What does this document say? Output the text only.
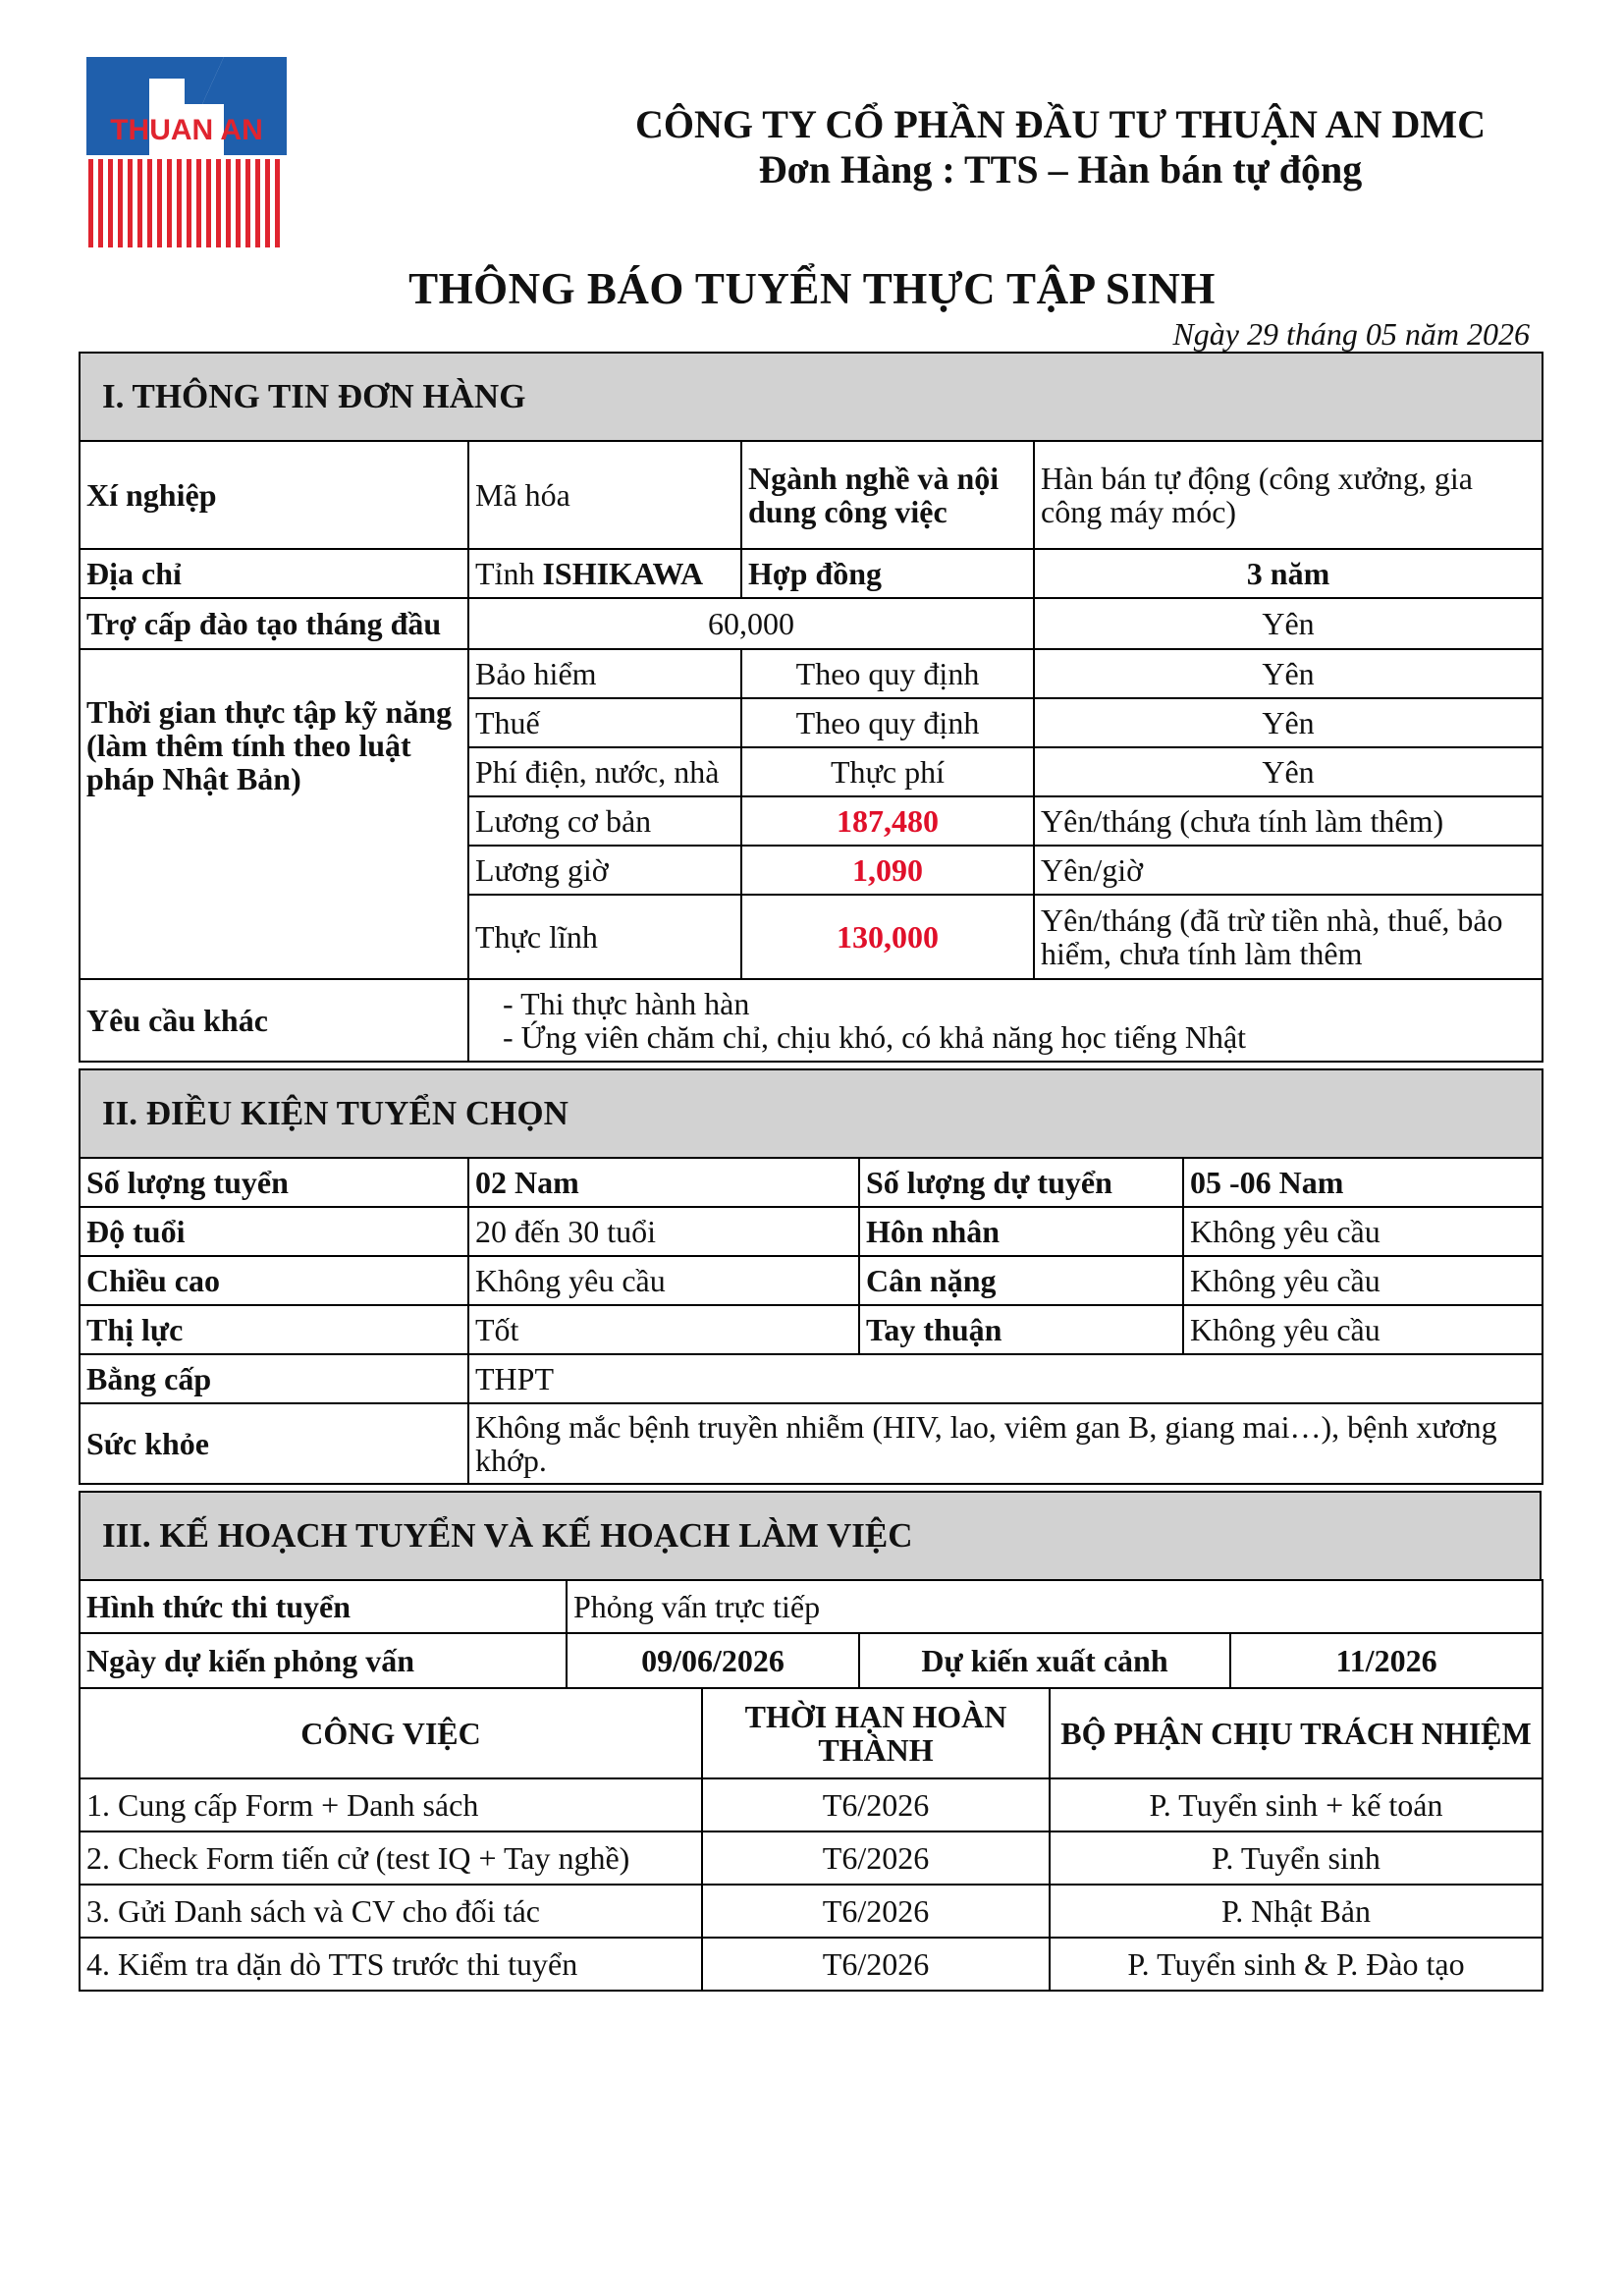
THUAN AN	CÔNG TY CỔ PHẦN ĐẦU TƯ THUẬN AN DMC
Đơn Hàng : TTS – Hàn bán tự động
THÔNG BÁO TUYỂN THỰC TẬP SINH
Ngày 29 tháng 05 năm 2026
I. THÔNG TIN ĐƠN HÀNG			
Xí nghiệp	Mã hóa	Ngành nghề và nội dung công việc	Hàn bán tự động (công xưởng, gia công máy móc)
Địa chỉ	Tỉnh ISHIKAWA	Hợp đồng	3 năm
Trợ cấp đào tạo tháng đầu	60,000		Yên
Thời gian thực tập kỹ năng (làm thêm tính theo luật pháp Nhật Bản)	Bảo hiểm	Theo quy định	Yên
	Thuế	Theo quy định	Yên
	Phí điện, nước, nhà	Thực phí	Yên
	Lương cơ bản	187,480	Yên/tháng (chưa tính làm thêm)
	Lương giờ	1,090	Yên/giờ
	Thực lĩnh	130,000	Yên/tháng (đã trừ tiền nhà, thuế, bảo hiểm, chưa tính làm thêm
Yêu cầu khác	- Thi thực hành hàn
- Ứng viên chăm chỉ, chịu khó, có khả năng học tiếng Nhật		
II. ĐIỀU KIỆN TUYỂN CHỌN			
Số lượng tuyển	02 Nam	Số lượng dự tuyển	05 -06 Nam
Độ tuổi	20 đến 30 tuổi	Hôn nhân	Không yêu cầu
Chiều cao	Không yêu cầu	Cân nặng	Không yêu cầu
Thị lực	Tốt	Tay thuận	Không yêu cầu
Bằng cấp	THPT		
Sức khỏe	Không mắc bệnh truyền nhiễm (HIV, lao, viêm gan B, giang mai…), bệnh xương khớp.		
III. KẾ HOẠCH TUYỂN VÀ KẾ HOẠCH LÀM VIỆC
Hình thức thi tuyển	Phỏng vấn trực tiếp		
Ngày dự kiến phỏng vấn	09/06/2026	Dự kiến xuất cảnh	11/2026
CÔNG VIỆC	THỜI HẠN HOÀN THÀNH	BỘ PHẬN CHỊU TRÁCH NHIỆM
1. Cung cấp Form + Danh sách	T6/2026	P. Tuyển sinh + kế toán
2. Check Form tiến cử (test IQ + Tay nghề)	T6/2026	P. Tuyển sinh
3. Gửi Danh sách và CV cho đối tác	T6/2026	P. Nhật Bản
4. Kiểm tra dặn dò TTS trước thi tuyển	T6/2026	P. Tuyển sinh & P. Đào tạo
